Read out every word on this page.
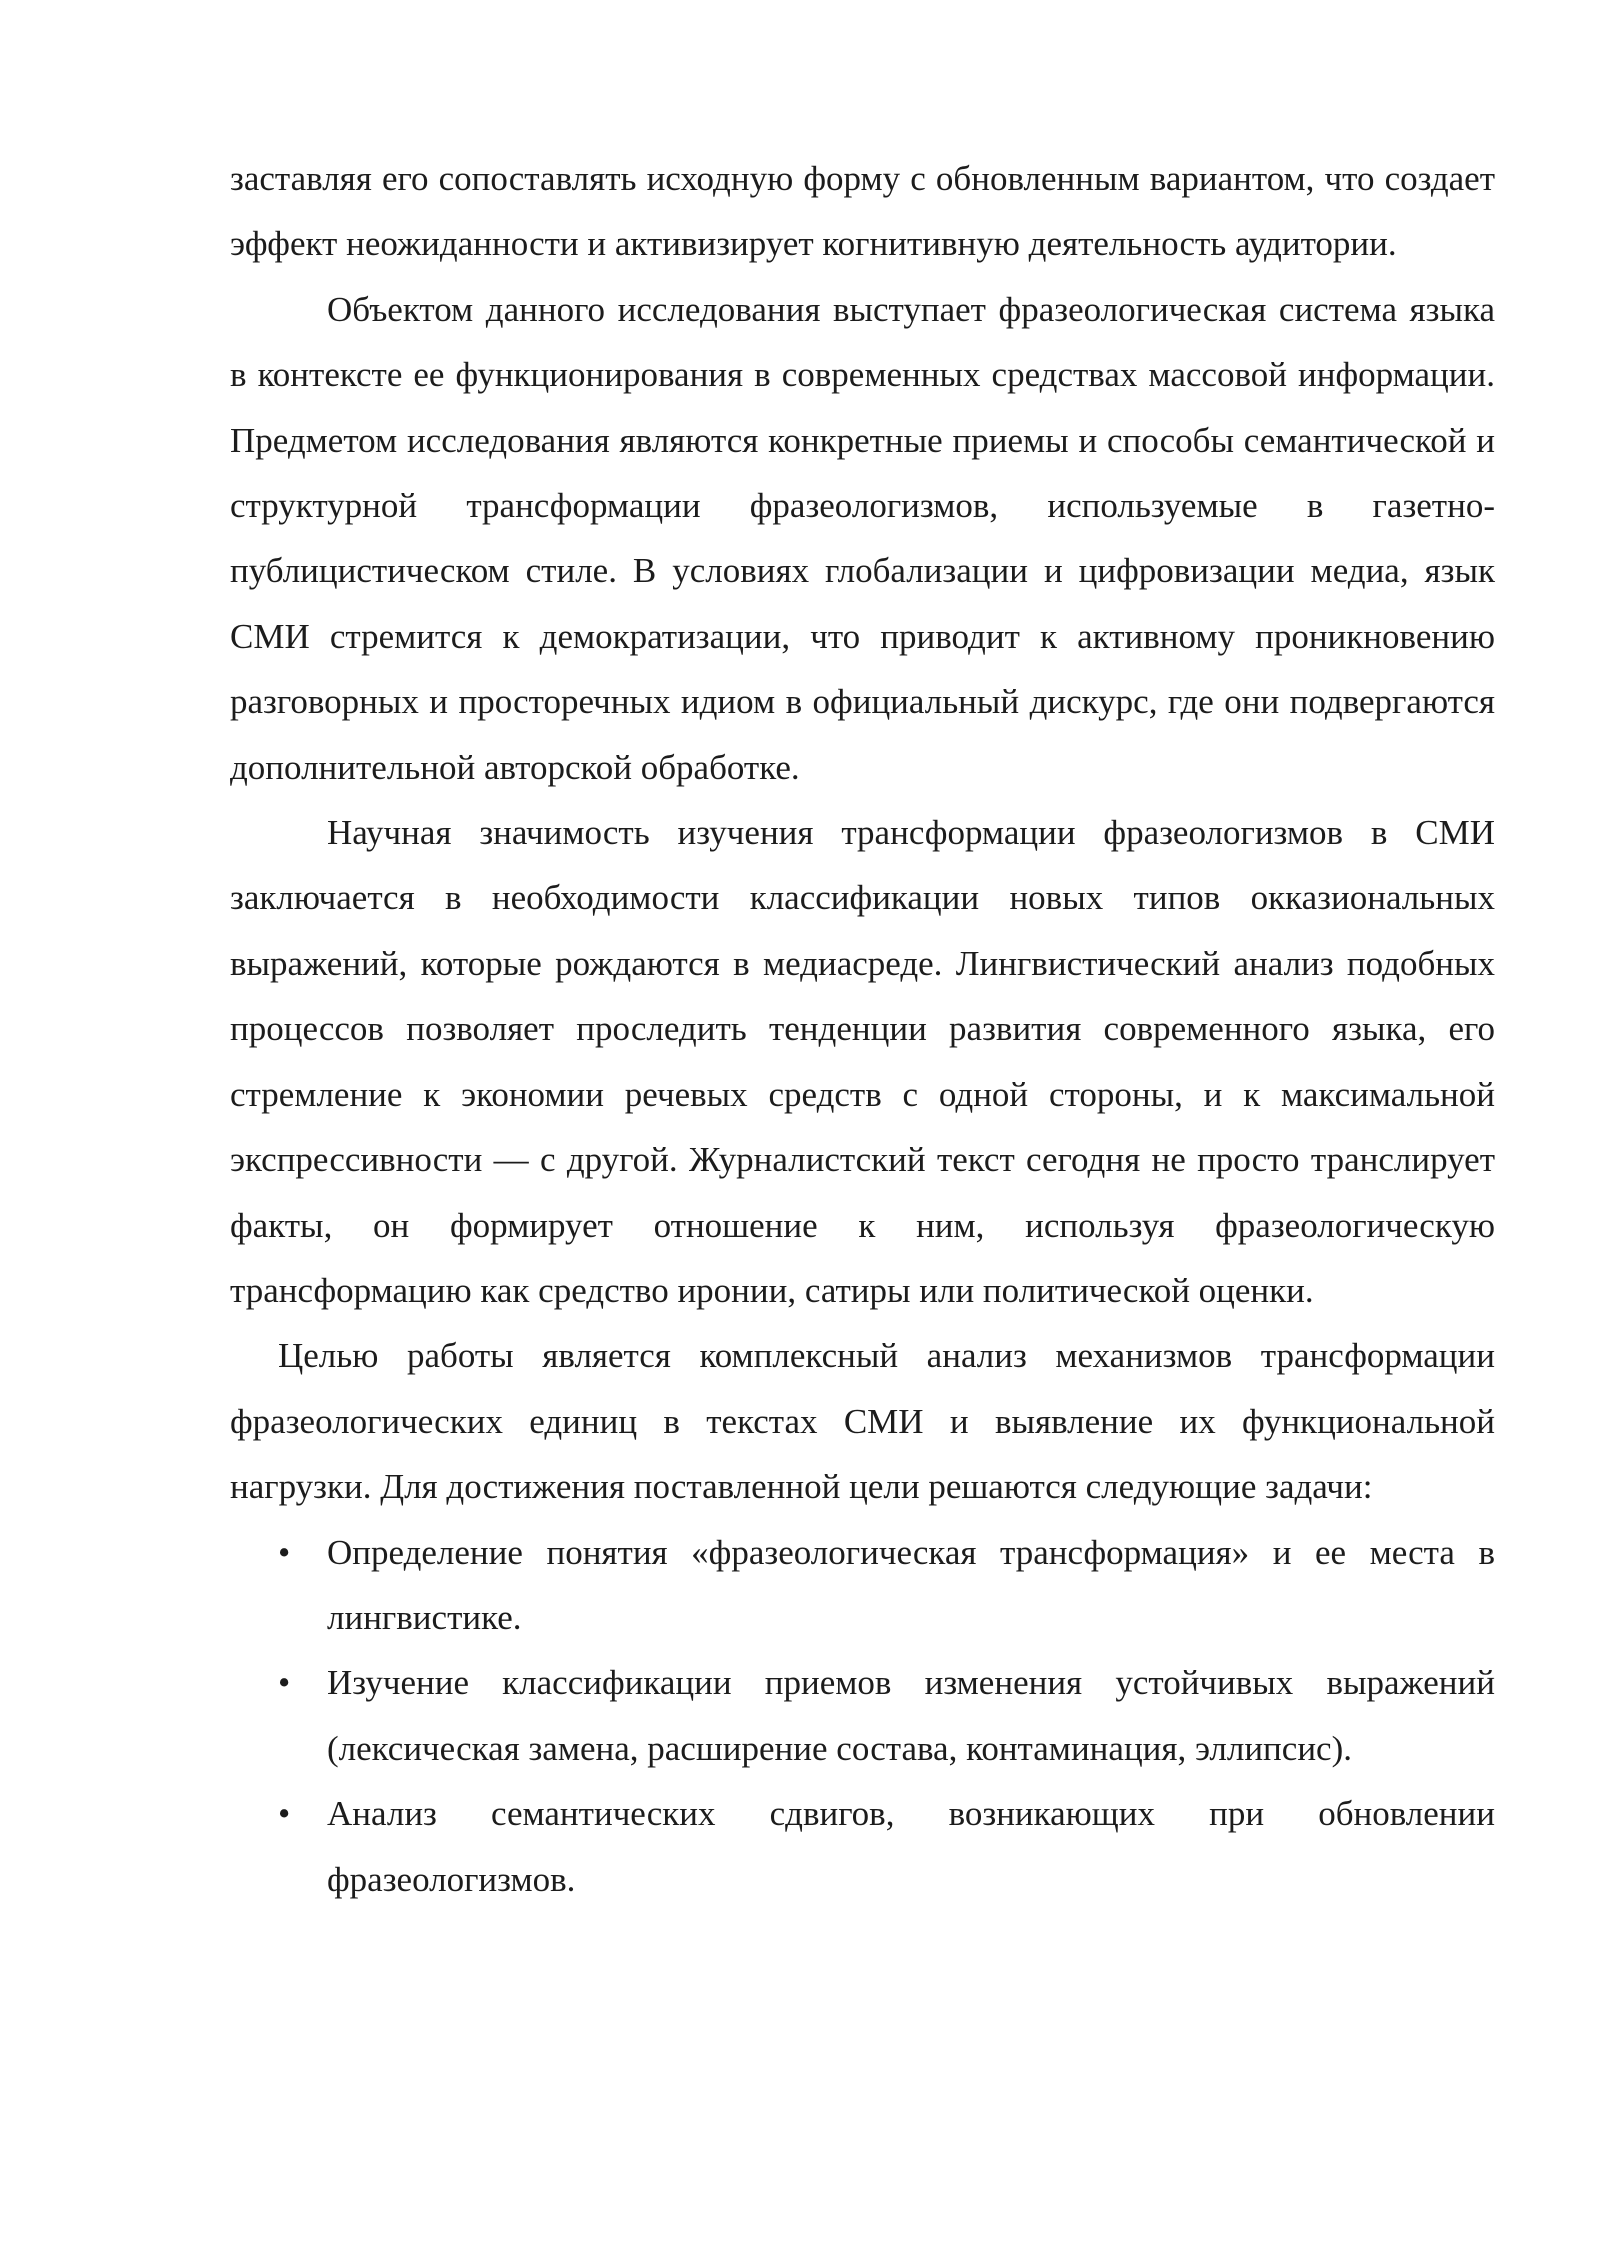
заставляя его сопоставлять исходную форму с обновленным вариантом, что создает эффект неожиданности и активизирует когнитивную деятельность аудитории.

Объектом данного исследования выступает фразеологическая система языка в контексте ее функционирования в современных средствах массовой информации. Предметом исследования являются конкретные приемы и способы семантической и структурной трансформации фразеологизмов, используемые в газетно-публицистическом стиле. В условиях глобализации и цифровизации медиа, язык СМИ стремится к демократизации, что приводит к активному проникновению разговорных и просторечных идиом в официальный дискурс, где они подвергаются дополнительной авторской обработке.

Научная значимость изучения трансформации фразеологизмов в СМИ заключается в необходимости классификации новых типов окказиональных выражений, которые рождаются в медиасреде. Лингвистический анализ подобных процессов позволяет проследить тенденции развития современного языка, его стремление к экономии речевых средств с одной стороны, и к максимальной экспрессивности — с другой. Журналистский текст сегодня не просто транслирует факты, он формирует отношение к ним, используя фразеологическую трансформацию как средство иронии, сатиры или политической оценки.

Целью работы является комплексный анализ механизмов трансформации фразеологических единиц в текстах СМИ и выявление их функциональной нагрузки. Для достижения поставленной цели решаются следующие задачи:

•	Определение понятия «фразеологическая трансформация» и ее места в лингвистике.
•	Изучение классификации приемов изменения устойчивых выражений (лексическая замена, расширение состава, контаминация, эллипсис).
•	Анализ семантических сдвигов, возникающих при обновлении фразеологизмов.
